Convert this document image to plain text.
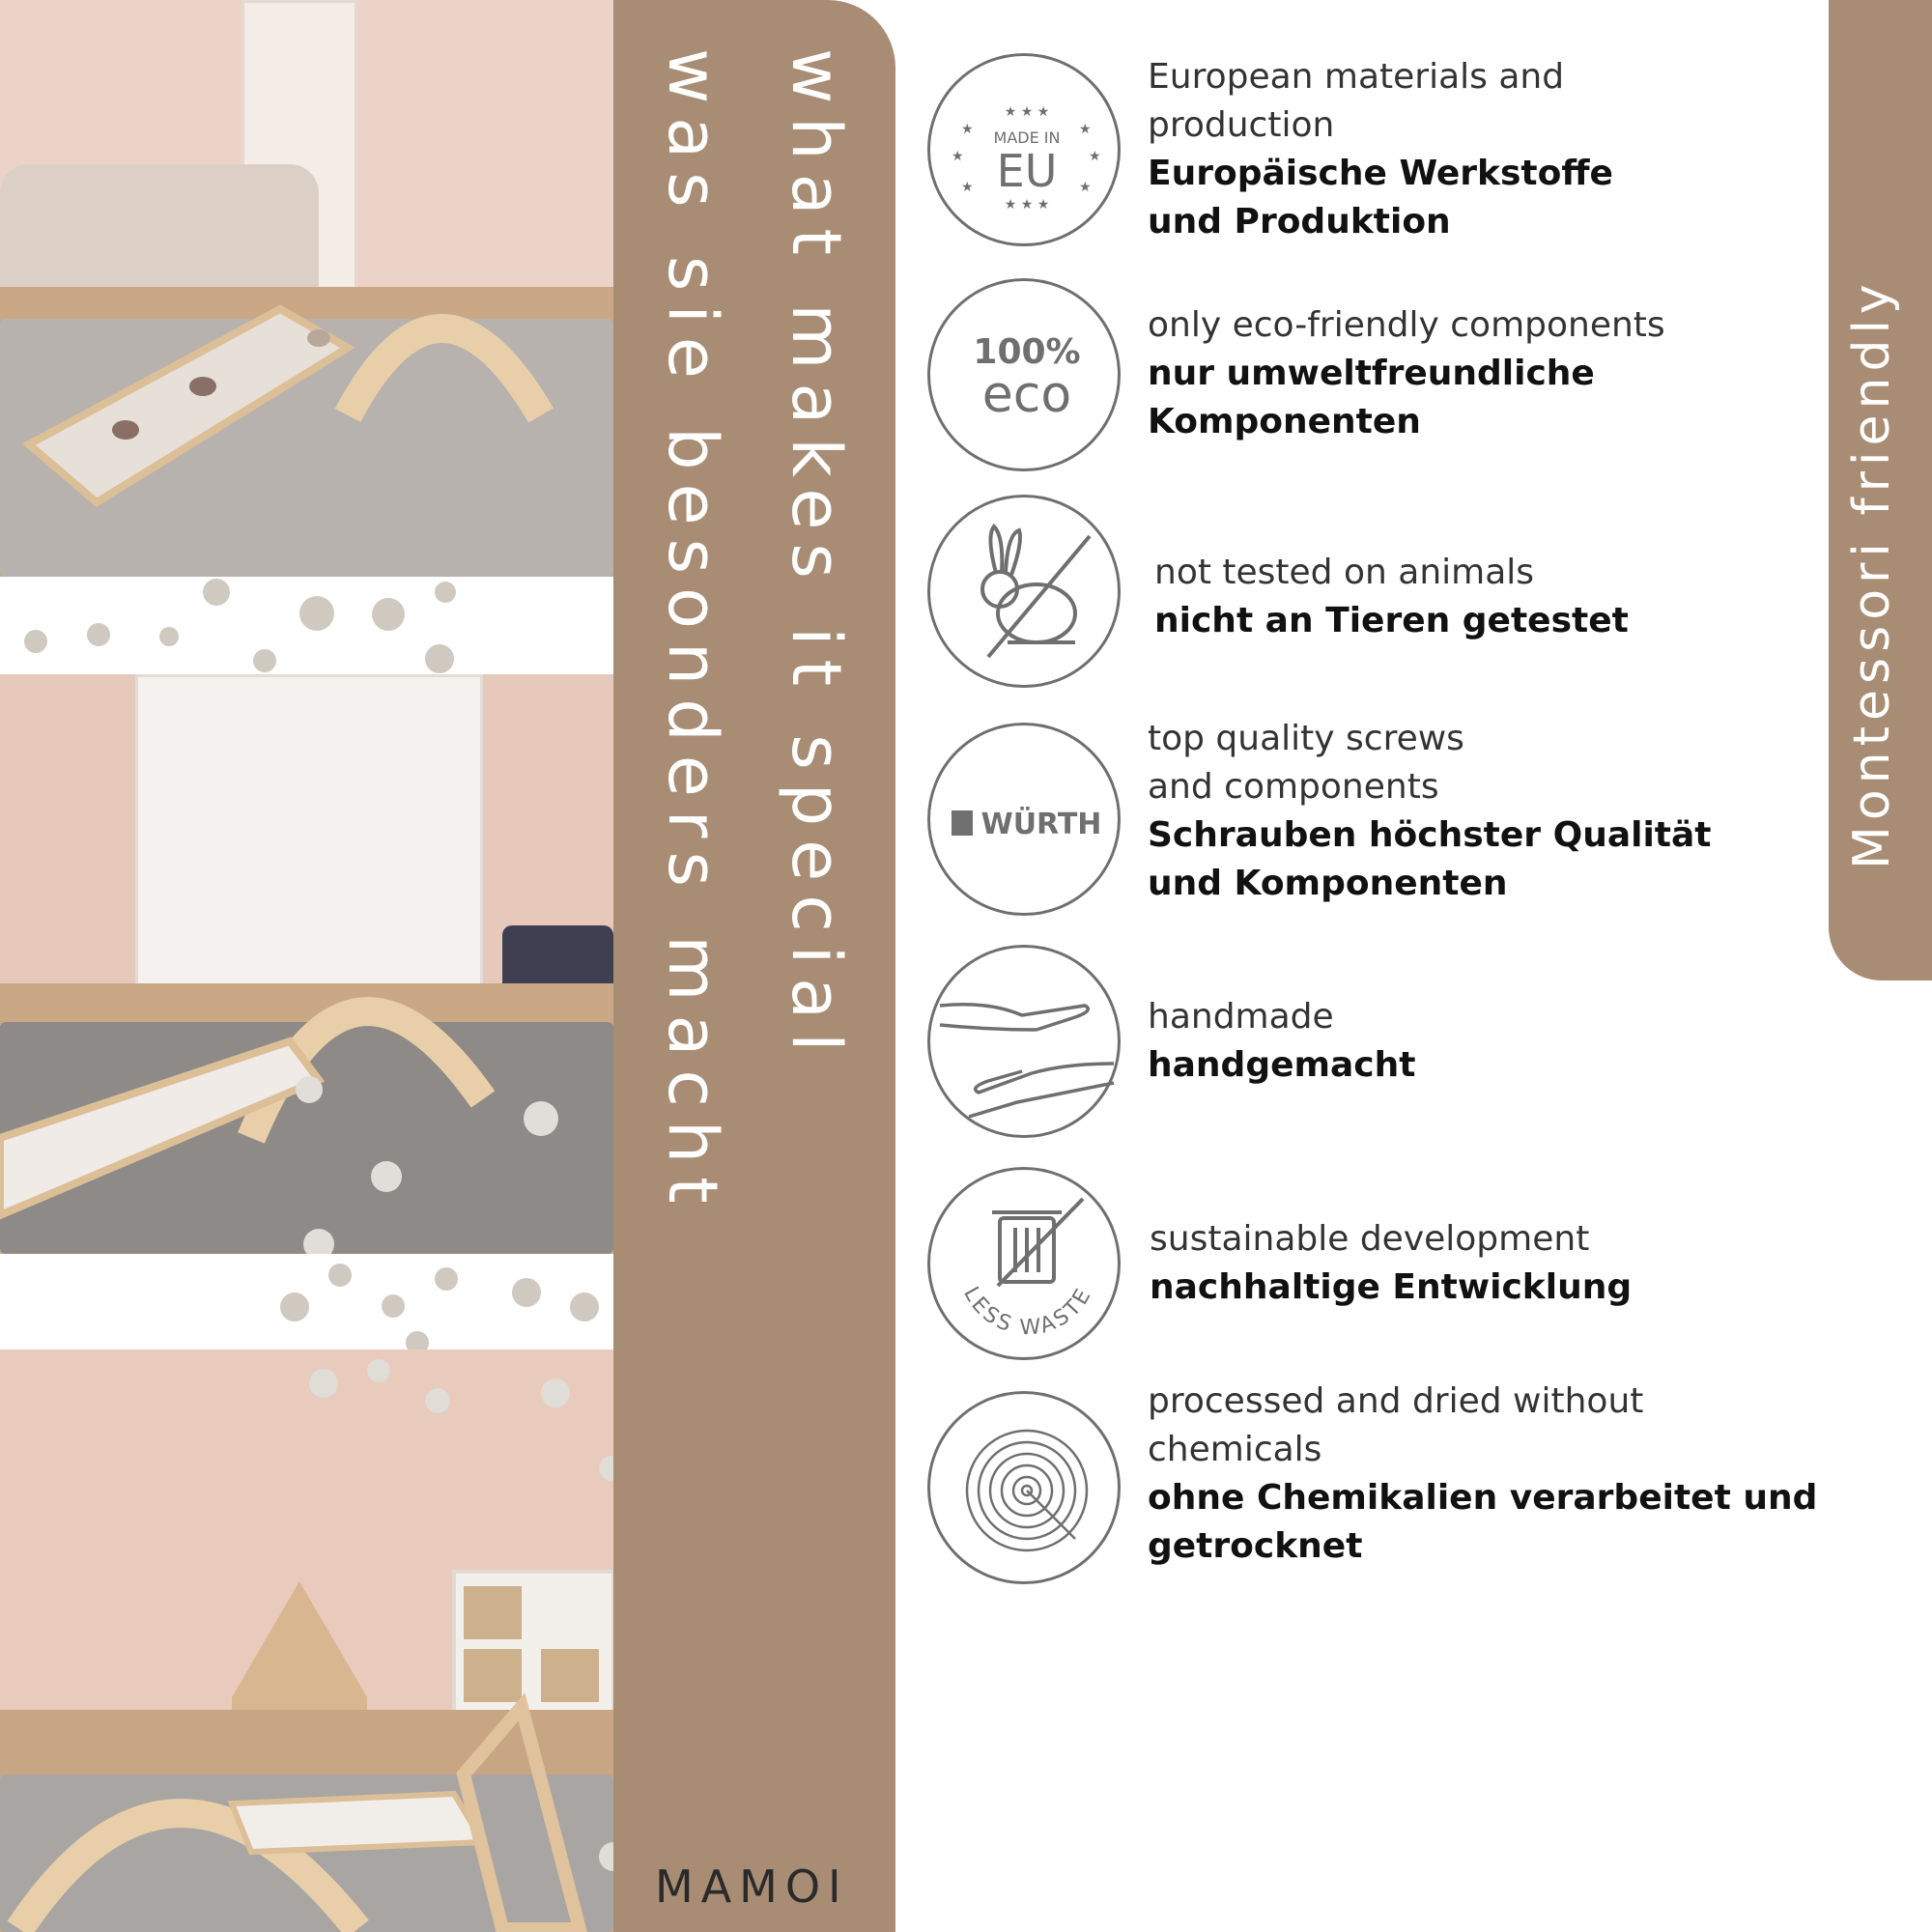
what makes it special
was sie besonders macht
MAMOI
Montessori friendly
★ ★ ★
★ ★ ★
★	★
★	★
★	★
MADE IN
EU
European materials and
production
Europäische Werkstoffe
und Produktion
100%
eco
only eco-friendly components
nur umweltfreundliche
Komponenten
not tested on animals
nicht an Tieren getestet
WÜRTH
top quality screws
and components
Schrauben höchster Qualität
und Komponenten
handmade
handgemacht
LESS WASTE
sustainable development
nachhaltige Entwicklung
processed and dried without
chemicals
ohne Chemikalien verarbeitet und
getrocknet
